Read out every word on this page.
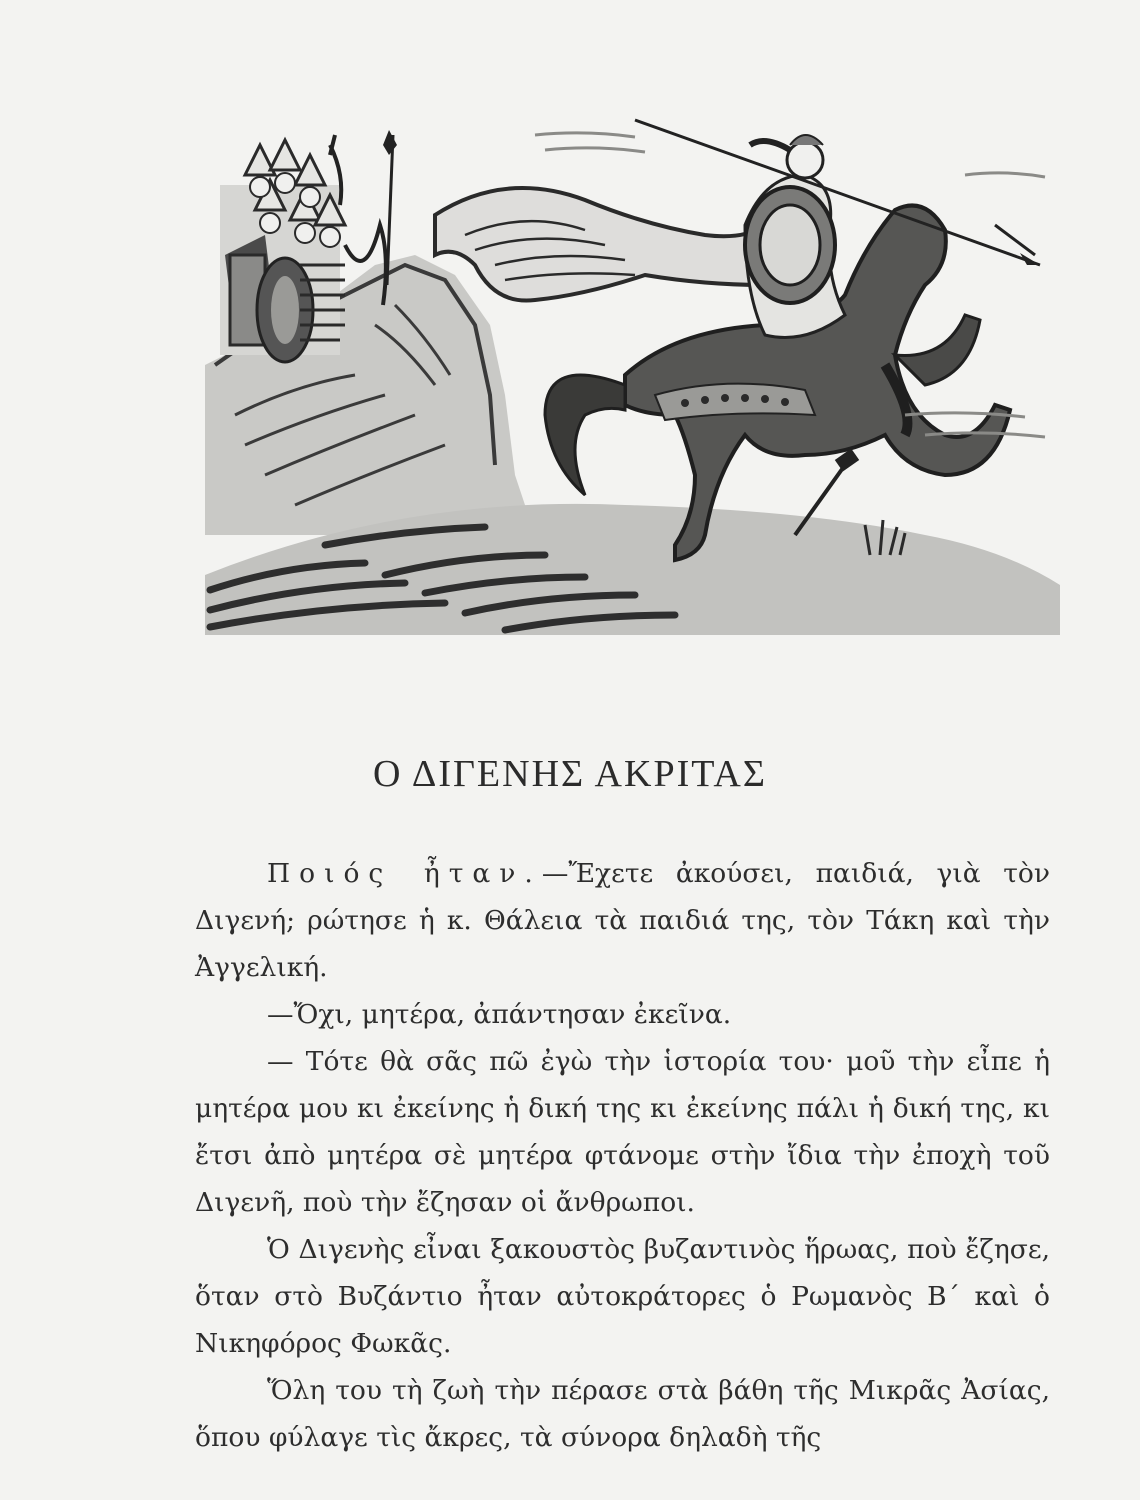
Ο ΔΙΓΕΝΗΣ ΑΚΡΙΤΑΣ

Ποιός ἦταν.—Ἔχετε ἀκούσει, παιδιά, γιὰ τὸν Διγενή; ρώτησε ἡ κ. Θάλεια τὰ παιδιά της, τὸν Τάκη καὶ τὴν Ἀγγελική.

—Ὄχι, μητέρα, ἀπάντησαν ἐκεῖνα.

— Τότε θὰ σᾶς πῶ ἐγὼ τὴν ἱστορία του· μοῦ τὴν εἶπε ἡ μητέρα μου κι ἐκείνης ἡ δική της κι ἐκείνης πάλι ἡ δική της, κι ἔτσι ἀπὸ μητέρα σὲ μητέρα φτάνομε στὴν ἴδια τὴν ἐποχὴ τοῦ Διγενῆ, ποὺ τὴν ἔζησαν οἱ ἄνθρωποι.

Ὁ Διγενὴς εἶναι ξακουστὸς βυζαντινὸς ἥρωας, ποὺ ἔζησε, ὅταν στὸ Βυζάντιο ἦταν αὐτοκράτορες ὁ Ρωμανὸς Β΄ καὶ ὁ Νικηφόρος Φωκᾶς.

Ὅλη του τὴ ζωὴ τὴν πέρασε στὰ βάθη τῆς Μικρᾶς Ἀσίας, ὅπου φύλαγε τὶς ἄκρες, τὰ σύνορα δηλαδὴ τῆς
